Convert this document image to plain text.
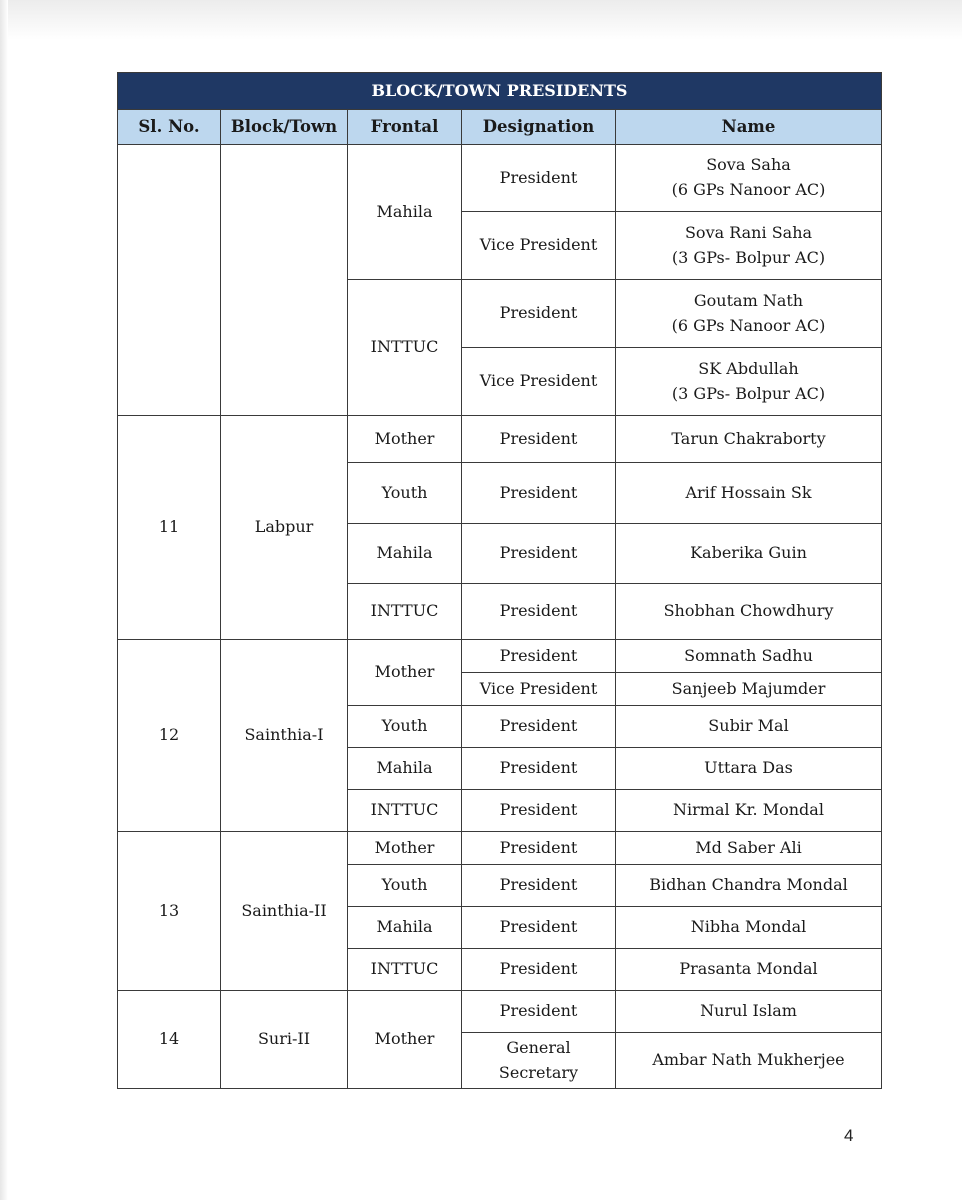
BLOCK/TOWN PRESIDENTS				
Sl. No.	Block/Town	Frontal	Designation	Name
		Mahila	President	Sova Saha
(6 GPs Nanoor AC)

			Vice President	Sova Rani Saha
(3 GPs- Bolpur AC)

		INTTUC	President	Goutam Nath
(6 GPs Nanoor AC)

			Vice President	SK Abdullah
(3 GPs- Bolpur AC)

11	Labpur	Mother	President	Tarun Chakraborty
		Youth	President	Arif Hossain Sk
		Mahila	President	Kaberika Guin
		INTTUC	President	Shobhan Chowdhury
12	Sainthia-I	Mother	President	Somnath Sadhu
			Vice President	Sanjeeb Majumder
		Youth	President	Subir Mal
		Mahila	President	Uttara Das
		INTTUC	President	Nirmal Kr. Mondal
13	Sainthia-II	Mother	President	Md Saber Ali
		Youth	President	Bidhan Chandra Mondal
		Mahila	President	Nibha Mondal
		INTTUC	President	Prasanta Mondal
14	Suri-II	Mother	President	Nurul Islam
			General Secretary	Ambar Nath Mukherjee
4
